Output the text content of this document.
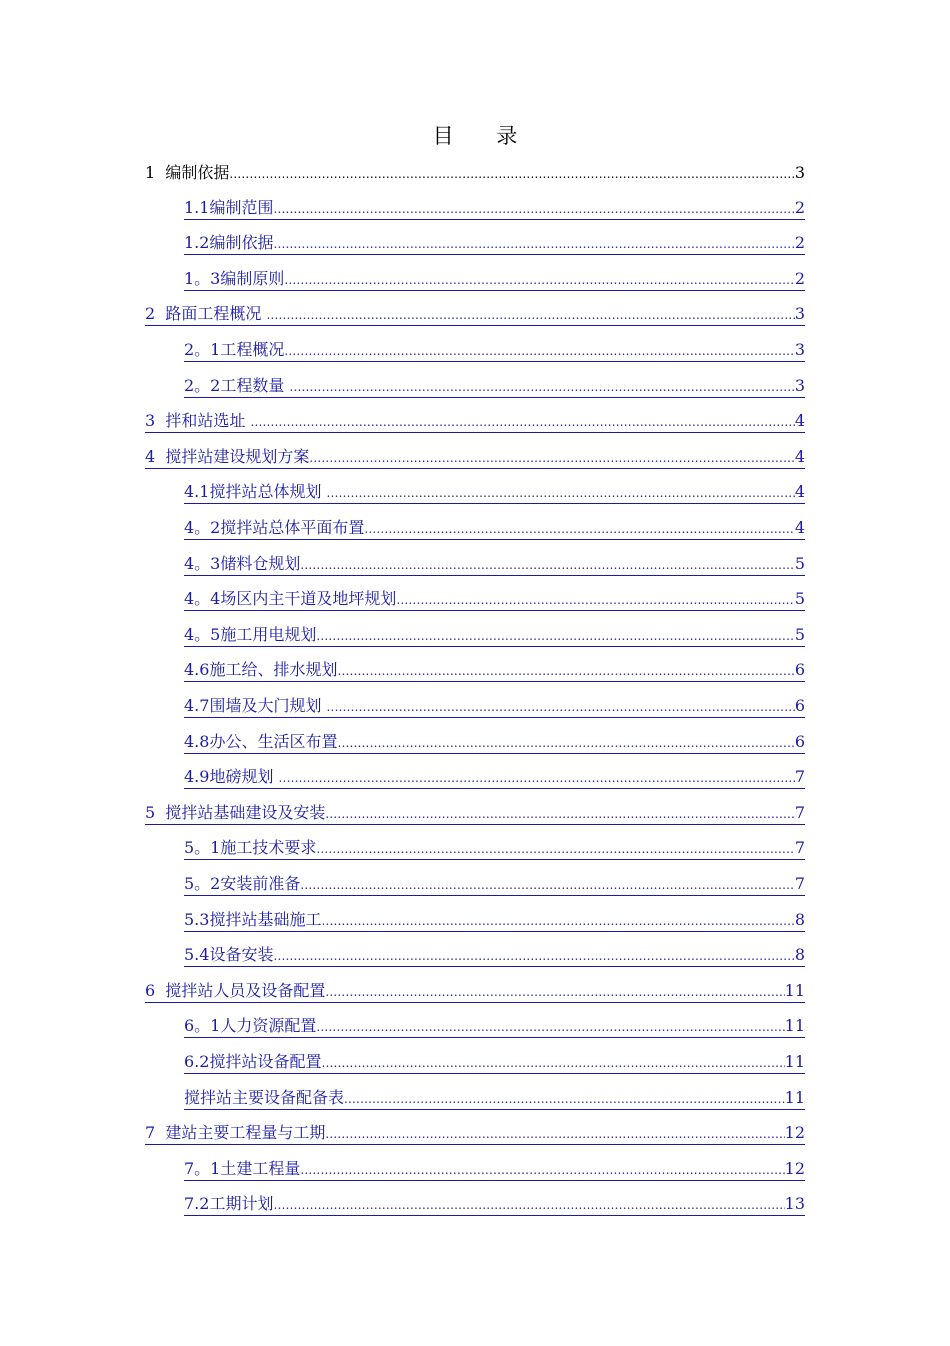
目 录
1  编制依据 .....	3
1.1编制范围 .....	2
1.2编制依据 .....	2
1。3编制原则 .....	2
2  路面工程概况 .....	3
2。1工程概况 .....	3
2。2工程数量 .....	3
3  拌和站选址 .....	4
4  搅拌站建设规划方案 .....	4
4.1搅拌站总体规划 .....	4
4。2搅拌站总体平面布置 .....	4
4。3储料仓规划 .....	5
4。4场区内主干道及地坪规划 .....	5
4。5施工用电规划 .....	5
4.6施工给、排水规划 .....	6
4.7围墙及大门规划 .....	6
4.8办公、生活区布置 .....	6
4.9地磅规划 .....	7
5  搅拌站基础建设及安装 .....	7
5。1施工技术要求 .....	7
5。2安装前准备 .....	7
5.3搅拌站基础施工 .....	8
5.4设备安装 .....	8
6  搅拌站人员及设备配置 .....	11
6。1人力资源配置 .....	11
6.2搅拌站设备配置 .....	11
搅拌站主要设备配备表 .....	11
7  建站主要工程量与工期 .....	12
7。1土建工程量 .....	12
7.2工期计划 .....	13
